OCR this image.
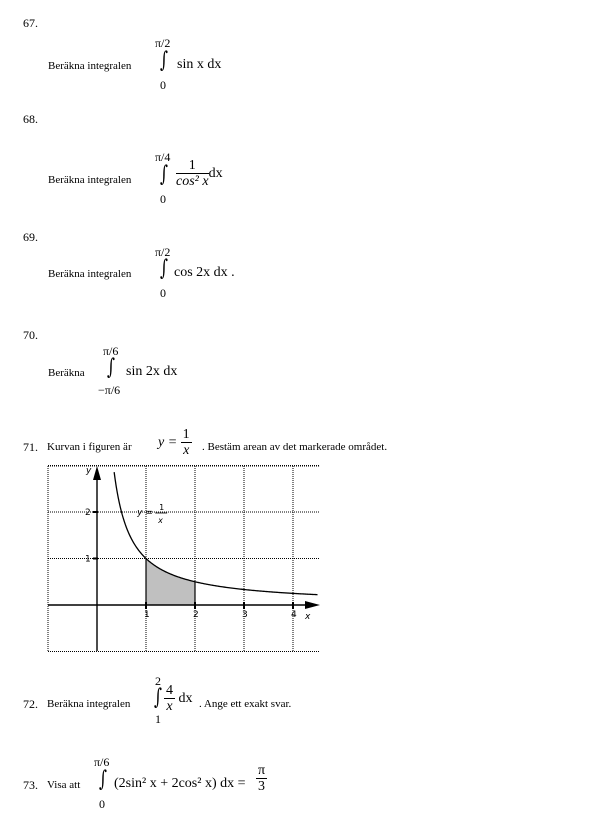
67.
Beräkna integralen
π/2
∫
0
sin x dx
68.
Beräkna integralen
π/4
∫
0
$\frac{1}{\text{cos² x}}$ dx
69.
Beräkna integralen
π/2
∫
0
cos 2x dx .
70.
Beräkna
π/6
∫
−π/6
sin 2x dx
71. Kurvan i figuren är $y = \frac{1}{x}$ . Bestäm arean av det markerade området.
1	2	3	4
1
2
x
y
y =
1
x
72. Beräkna integralen
2
∫
1
$\frac{4}{x}$ dx . Ange ett exakt svar.
73. Visa att
π/6
∫
0
(2sin² x + 2cos² x) dx = $\frac{\pi}{3}$
